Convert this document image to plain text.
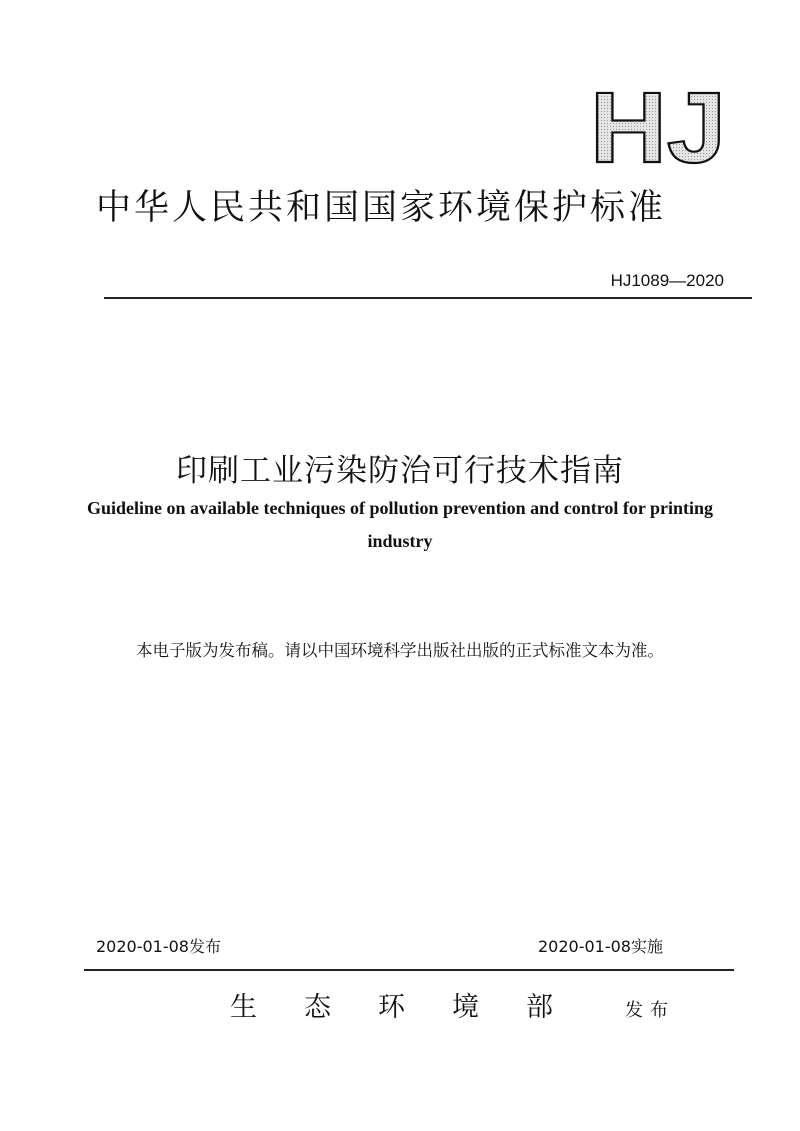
HJ
中华人民共和国国家环境保护标准
HJ1089—2020
印刷工业污染防治可行技术指南
Guideline on available techniques of pollution prevention and control for printing industry
本电子版为发布稿。请以中国环境科学出版社出版的正式标准文本为准。
2020-01-08发布	2020-01-08实施
生态环境部 发布
